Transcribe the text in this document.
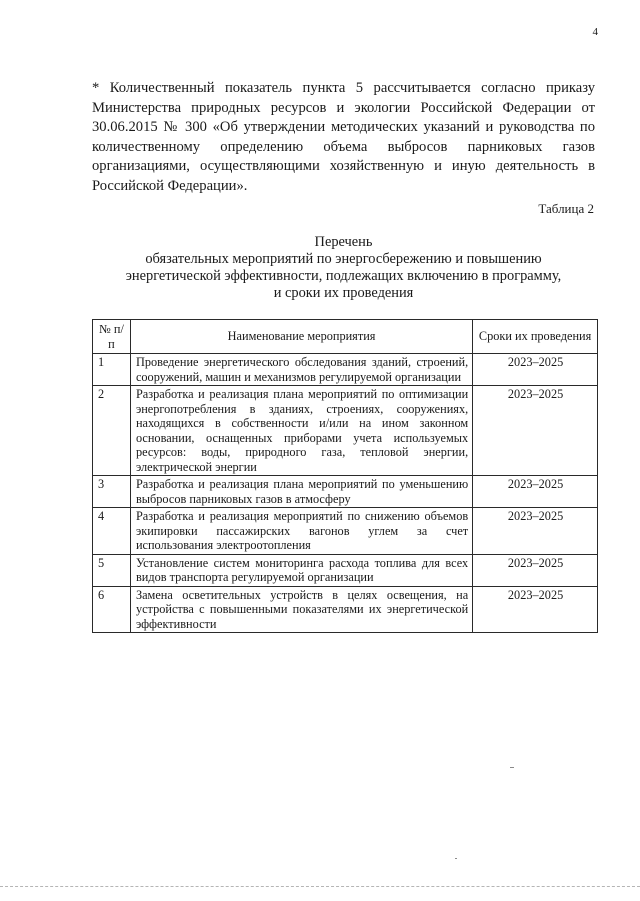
4

* Количественный показатель пункта 5 рассчитывается согласно приказу Министерства природных ресурсов и экологии Российской Федерации от 30.06.2015 № 300 «Об утверждении методических указаний и руководства по количественному определению объема выбросов парниковых газов организациями, осуществляющими хозяйственную и иную деятельность в Российской Федерации».

Таблица 2
Перечень
обязательных мероприятий по энергосбережению и повышению
энергетической эффективности, подлежащих включению в программу,
и сроки их проведения
№ п/п	Наименование мероприятия	Сроки их проведения
1	Проведение энергетического обследования зданий, строений, сооружений, машин и механизмов регулируемой организации	2023–2025
2	Разработка и реализация плана мероприятий по оптимизации энергопотребления в зданиях, строениях, сооружениях, находящихся в собственности и/или на ином законном основании, оснащенных приборами учета используемых ресурсов: воды, природного газа, тепловой энергии, электрической энергии	2023–2025
3	Разработка и реализация плана мероприятий по уменьшению выбросов парниковых газов в атмосферу	2023–2025
4	Разработка и реализация мероприятий по снижению объемов экипировки пассажирских вагонов углем за счет использования электроотопления	2023–2025
5	Установление систем мониторинга расхода топлива для всех видов транспорта регулируемой организации	2023–2025
6	Замена осветительных устройств в целях освещения, на устройства с повышенными показателями их энергетической эффективности	2023–2025
